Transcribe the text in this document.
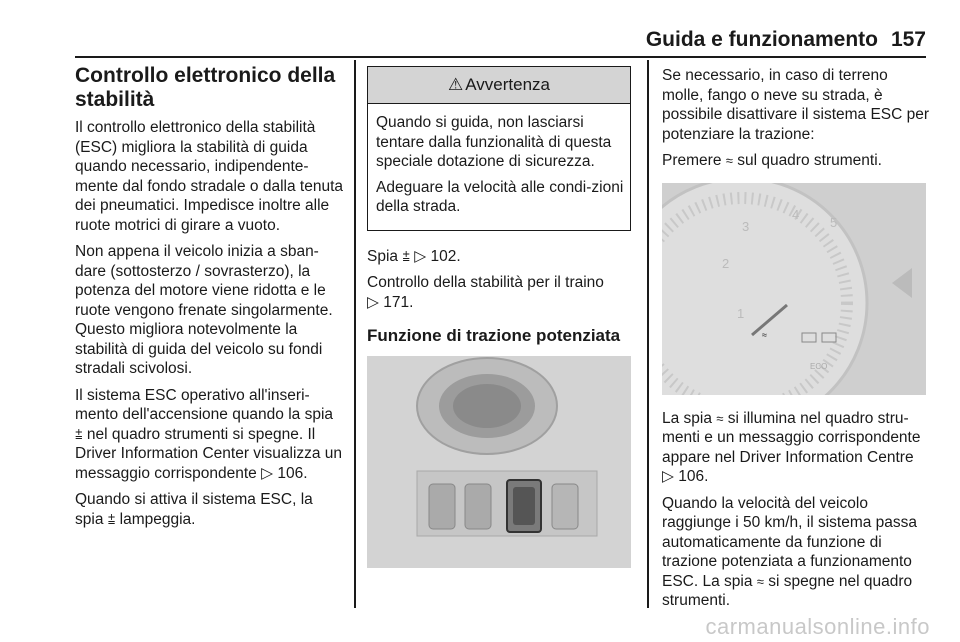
Guida e funzionamento 157
Controllo elettronico della stabilità

Il controllo elettronico della stabilità (ESC) migliora la stabilità di guida quando necessario, indipendente-mente dal fondo stradale o dalla tenuta dei pneumatici. Impedisce inoltre alle ruote motrici di girare a vuoto.

Non appena il veicolo inizia a sban-dare (sottosterzo / sovrasterzo), la potenza del motore viene ridotta e le ruote vengono frenate singolarmente. Questo migliora notevolmente la stabilità di guida del veicolo su fondi stradali scivolosi.

Il sistema ESC operativo all'inseri-mento dell'accensione quando la spia ⩲ nel quadro strumenti si spegne. Il Driver Information Center visualizza un messaggio corrispondente ▷ 106.

Quando si attiva il sistema ESC, la spia ⩲ lampeggia.

⚠ Avvertenza

Quando si guida, non lasciarsi tentare dalla funzionalità di questa speciale dotazione di sicurezza.

Adeguare la velocità alle condi-zioni della strada.

Spia ⩲ ▷ 102.

Controllo della stabilità per il traino
▷ 171.

Funzione di trazione potenziata

Se necessario, in caso di terreno molle, fango o neve su strada, è possibile disattivare il sistema ESC per potenziare la trazione:

Premere ≈ sul quadro strumenti.

1
2
3
4
5
≈
ECO

La spia ≈ si illumina nel quadro stru-menti e un messaggio corrispondente appare nel Driver Information Centre
▷ 106.

Quando la velocità del veicolo raggiunge i 50 km/h, il sistema passa automaticamente da funzione di trazione potenziata a funzionamento ESC. La spia ≈ si spegne nel quadro strumenti.

carmanualsonline.info
